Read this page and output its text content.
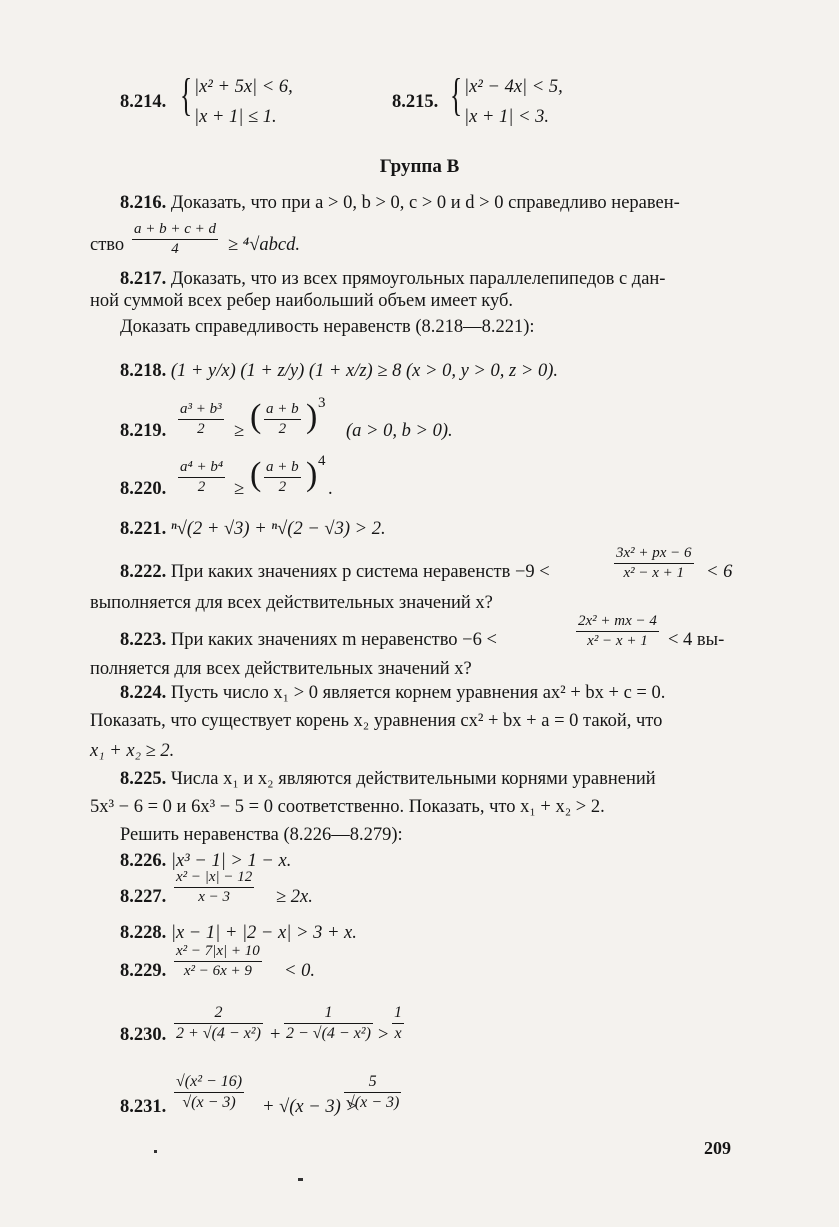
8.214. { |x² + 5x| < 6,
|x + 1| ≤ 1.
8.215. { |x² − 4x| < 5,
|x + 1| < 3.
Группа В
8.216. Доказать, что при a > 0, b > 0, c > 0 и d > 0 справедливо неравен-
ство $\frac{a + b + c + d}{4}$ ≥ ⁴√abcd.
8.217. Доказать, что из всех прямоугольных параллелепипедов с дан-
ной суммой всех ребер наибольший объем имеет куб.
Доказать справедливость неравенств (8.218—8.221):
8.218. (1 + y/x) (1 + z/y) (1 + x/z) ≥ 8 (x > 0, y > 0, z > 0).
8.219. $\frac{\text{a³ + b³}}{2}$ ≥ ( $\frac{a + b}{2}$ ) 3
(a > 0, b > 0).
8.220. $\frac{\text{a⁴ + b⁴}}{2}$ ≥ ( $\frac{a + b}{2}$ ) 4
.
8.221. ⁿ√(2 + √3) + ⁿ√(2 − √3) > 2.
8.222. При каких значениях p система неравенств −9 <	$\frac{\text{3x² + px − 6}}{\text{x² − x + 1}} < 6$
выполняется для всех действительных значений x?
8.223. При каких значениях m неравенство −6 <	$\frac{\text{2x² + mx − 4}}{\text{x² − x + 1}} < 4$ вы-
полняется для всех действительных значений x?
8.224. Пусть число x₁ > 0 является корнем уравнения ax² + bx + c = 0.
Показать, что существует корень x₂ уравнения cx² + bx + a = 0 такой, что
x₁ + x₂ ≥ 2.
8.225. Числа x₁ и x₂ являются действительными корнями уравнений
5x³ − 6 = 0 и 6x³ − 5 = 0 соответственно. Показать, что x₁ + x₂ > 2.
Решить неравенства (8.226—8.279):
8.226. |x³ − 1| > 1 − x.
8.227. $\frac{\text{x² − |x| − 12}}{x - 3} \ge 2x$.
8.228. |x − 1| + |2 − x| > 3 + x.
8.229. $\frac{\text{x² − 7|x| + 10}}{\text{x² − 6x + 9}} < 0$.
8.230. $\frac{2}{\text{2 + √(4 − x²)}} + \frac{1}{\text{2 − √(4 − x²)}} > \frac{1}{x}$
8.231. $\frac{\text{√(x² − 16)}}{√(x - 3)} + √(x - 3)$ >
$\frac{5}{√(x - 3)}$
209
